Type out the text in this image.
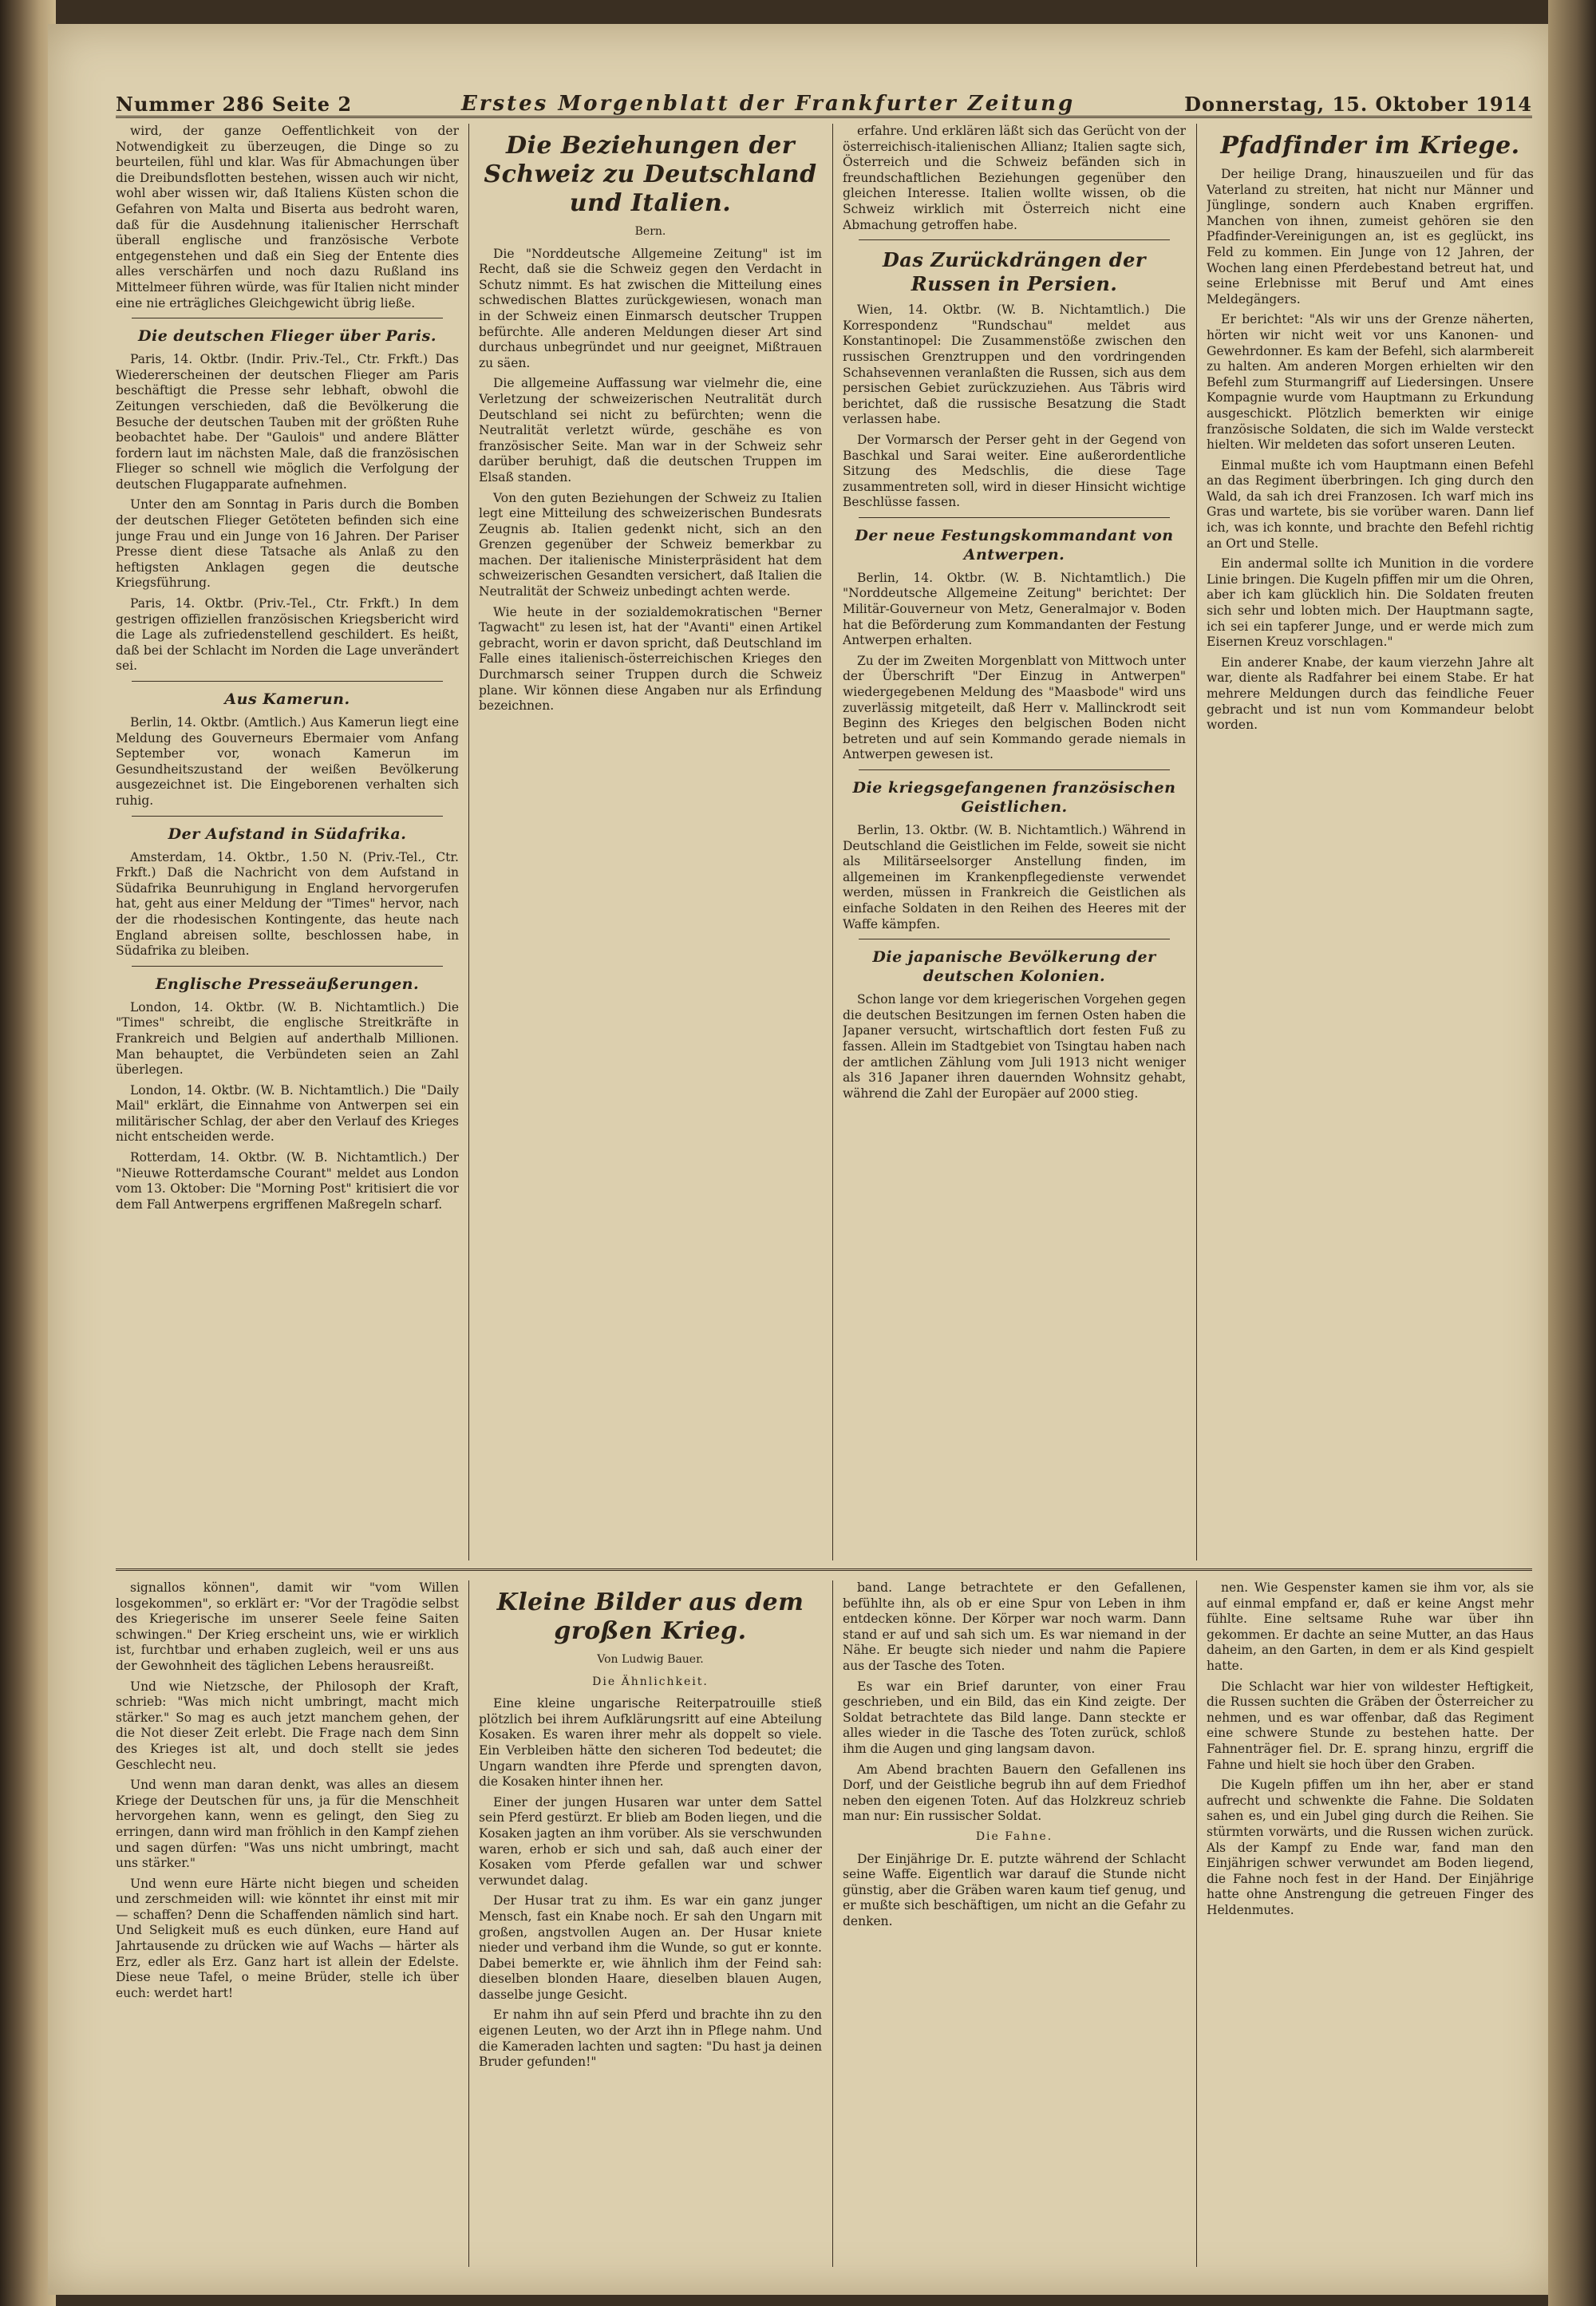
Nummer 286 Seite 2	Erstes Morgenblatt der Frankfurter Zeitung	Donnerstag, 15. Oktober 1914

wird, der ganze Oeffentlichkeit von der Notwendigkeit zu überzeugen, die Dinge so zu beurteilen, fühl und klar. Was für Abmachungen über die Dreibundsflotten bestehen, wissen auch wir nicht, wohl aber wissen wir, daß Italiens Küsten schon die Gefahren von Malta und Biserta aus bedroht waren, daß für die Ausdehnung italienischer Herrschaft überall englische und französische Verbote entgegenstehen und daß ein Sieg der Entente dies alles verschärfen und noch dazu Rußland ins Mittelmeer führen würde, was für Italien nicht minder eine nie erträgliches Gleichgewicht übrig ließe.

Die deutschen Flieger über Paris.

Paris, 14. Oktbr. (Indir. Priv.-Tel., Ctr. Frkft.) Das Wiedererscheinen der deutschen Flieger am Paris beschäftigt die Presse sehr lebhaft, obwohl die Zeitungen verschieden, daß die Bevölkerung die Besuche der deutschen Tauben mit der größten Ruhe beobachtet habe. Der "Gaulois" und andere Blätter fordern laut im nächsten Male, daß die französischen Flieger so schnell wie möglich die Verfolgung der deutschen Flugapparate aufnehmen.

Unter den am Sonntag in Paris durch die Bomben der deutschen Flieger Getöteten befinden sich eine junge Frau und ein Junge von 16 Jahren. Der Pariser Presse dient diese Tatsache als Anlaß zu den heftigsten Anklagen gegen die deutsche Kriegsführung.

Paris, 14. Oktbr. (Priv.-Tel., Ctr. Frkft.) In dem gestrigen offiziellen französischen Kriegsbericht wird die Lage als zufriedenstellend geschildert. Es heißt, daß bei der Schlacht im Norden die Lage unverändert sei.

Aus Kamerun.

Berlin, 14. Oktbr. (Amtlich.) Aus Kamerun liegt eine Meldung des Gouverneurs Ebermaier vom Anfang September vor, wonach Kamerun im Gesundheitszustand der weißen Bevölkerung ausgezeichnet ist. Die Eingeborenen verhalten sich ruhig.

Der Aufstand in Südafrika.

Amsterdam, 14. Oktbr., 1.50 N. (Priv.-Tel., Ctr. Frkft.) Daß die Nachricht von dem Aufstand in Südafrika Beunruhigung in England hervorgerufen hat, geht aus einer Meldung der "Times" hervor, nach der die rhodesischen Kontingente, das heute nach England abreisen sollte, beschlossen habe, in Südafrika zu bleiben.

Englische Presseäußerungen.

London, 14. Oktbr. (W. B. Nichtamtlich.) Die "Times" schreibt, die englische Streitkräfte in Frankreich und Belgien auf anderthalb Millionen. Man behauptet, die Verbündeten seien an Zahl überlegen.

London, 14. Oktbr. (W. B. Nichtamtlich.) Die "Daily Mail" erklärt, die Einnahme von Antwerpen sei ein militärischer Schlag, der aber den Verlauf des Krieges nicht entscheiden werde.

Rotterdam, 14. Oktbr. (W. B. Nichtamtlich.) Der "Nieuwe Rotterdamsche Courant" meldet aus London vom 13. Oktober: Die "Morning Post" kritisiert die vor dem Fall Antwerpens ergriffenen Maßregeln scharf.

Die Beziehungen der Schweiz zu Deutschland und Italien.
Bern.

Die "Norddeutsche Allgemeine Zeitung" ist im Recht, daß sie die Schweiz gegen den Verdacht in Schutz nimmt. Es hat zwischen die Mitteilung eines schwedischen Blattes zurückgewiesen, wonach man in der Schweiz einen Einmarsch deutscher Truppen befürchte. Alle anderen Meldungen dieser Art sind durchaus unbegründet und nur geeignet, Mißtrauen zu säen.

Die allgemeine Auffassung war vielmehr die, eine Verletzung der schweizerischen Neutralität durch Deutschland sei nicht zu befürchten; wenn die Neutralität verletzt würde, geschähe es von französischer Seite. Man war in der Schweiz sehr darüber beruhigt, daß die deutschen Truppen im Elsaß standen.

Von den guten Beziehungen der Schweiz zu Italien legt eine Mitteilung des schweizerischen Bundesrats Zeugnis ab. Italien gedenkt nicht, sich an den Grenzen gegenüber der Schweiz bemerkbar zu machen. Der italienische Ministerpräsident hat dem schweizerischen Gesandten versichert, daß Italien die Neutralität der Schweiz unbedingt achten werde.

Wie heute in der sozialdemokratischen "Berner Tagwacht" zu lesen ist, hat der "Avanti" einen Artikel gebracht, worin er davon spricht, daß Deutschland im Falle eines italienisch-österreichischen Krieges den Durchmarsch seiner Truppen durch die Schweiz plane. Wir können diese Angaben nur als Erfindung bezeichnen.

erfahre. Und erklären läßt sich das Gerücht von der österreichisch-italienischen Allianz; Italien sagte sich, Österreich und die Schweiz befänden sich in freundschaftlichen Beziehungen gegenüber den gleichen Interesse. Italien wollte wissen, ob die Schweiz wirklich mit Österreich nicht eine Abmachung getroffen habe.

Das Zurückdrängen der Russen in Persien.

Wien, 14. Oktbr. (W. B. Nichtamtlich.) Die Korrespondenz "Rundschau" meldet aus Konstantinopel: Die Zusammenstöße zwischen den russischen Grenztruppen und den vordringenden Schahsevennen veranlaßten die Russen, sich aus dem persischen Gebiet zurückzuziehen. Aus Täbris wird berichtet, daß die russische Besatzung die Stadt verlassen habe.

Der Vormarsch der Perser geht in der Gegend von Baschkal und Sarai weiter. Eine außerordentliche Sitzung des Medschlis, die diese Tage zusammentreten soll, wird in dieser Hinsicht wichtige Beschlüsse fassen.

Der neue Festungskommandant von Antwerpen.

Berlin, 14. Oktbr. (W. B. Nichtamtlich.) Die "Norddeutsche Allgemeine Zeitung" berichtet: Der Militär-Gouverneur von Metz, Generalmajor v. Boden hat die Beförderung zum Kommandanten der Festung Antwerpen erhalten.

Zu der im Zweiten Morgenblatt von Mittwoch unter der Überschrift "Der Einzug in Antwerpen" wiedergegebenen Meldung des "Maasbode" wird uns zuverlässig mitgeteilt, daß Herr v. Mallinckrodt seit Beginn des Krieges den belgischen Boden nicht betreten und auf sein Kommando gerade niemals in Antwerpen gewesen ist.

Die kriegsgefangenen französischen Geistlichen.

Berlin, 13. Oktbr. (W. B. Nichtamtlich.) Während in Deutschland die Geistlichen im Felde, soweit sie nicht als Militärseelsorger Anstellung finden, im allgemeinen im Krankenpflegedienste verwendet werden, müssen in Frankreich die Geistlichen als einfache Soldaten in den Reihen des Heeres mit der Waffe kämpfen.

Die japanische Bevölkerung der deutschen Kolonien.

Schon lange vor dem kriegerischen Vorgehen gegen die deutschen Besitzungen im fernen Osten haben die Japaner versucht, wirtschaftlich dort festen Fuß zu fassen. Allein im Stadtgebiet von Tsingtau haben nach der amtlichen Zählung vom Juli 1913 nicht weniger als 316 Japaner ihren dauernden Wohnsitz gehabt, während die Zahl der Europäer auf 2000 stieg.

Pfadfinder im Kriege.

Der heilige Drang, hinauszueilen und für das Vaterland zu streiten, hat nicht nur Männer und Jünglinge, sondern auch Knaben ergriffen. Manchen von ihnen, zumeist gehören sie den Pfadfinder-Vereinigungen an, ist es geglückt, ins Feld zu kommen. Ein Junge von 12 Jahren, der Wochen lang einen Pferdebestand betreut hat, und seine Erlebnisse mit Beruf und Amt eines Meldegängers.

Er berichtet: "Als wir uns der Grenze näherten, hörten wir nicht weit vor uns Kanonen- und Gewehrdonner. Es kam der Befehl, sich alarmbereit zu halten. Am anderen Morgen erhielten wir den Befehl zum Sturmangriff auf Liedersingen. Unsere Kompagnie wurde vom Hauptmann zu Erkundung ausgeschickt. Plötzlich bemerkten wir einige französische Soldaten, die sich im Walde versteckt hielten. Wir meldeten das sofort unseren Leuten.

Einmal mußte ich vom Hauptmann einen Befehl an das Regiment überbringen. Ich ging durch den Wald, da sah ich drei Franzosen. Ich warf mich ins Gras und wartete, bis sie vorüber waren. Dann lief ich, was ich konnte, und brachte den Befehl richtig an Ort und Stelle.

Ein andermal sollte ich Munition in die vordere Linie bringen. Die Kugeln pfiffen mir um die Ohren, aber ich kam glücklich hin. Die Soldaten freuten sich sehr und lobten mich. Der Hauptmann sagte, ich sei ein tapferer Junge, und er werde mich zum Eisernen Kreuz vorschlagen."

Ein anderer Knabe, der kaum vierzehn Jahre alt war, diente als Radfahrer bei einem Stabe. Er hat mehrere Meldungen durch das feindliche Feuer gebracht und ist nun vom Kommandeur belobt worden.

signallos können", damit wir "vom Willen losgekommen", so erklärt er: "Vor der Tragödie selbst des Kriegerische im unserer Seele feine Saiten schwingen." Der Krieg erscheint uns, wie er wirklich ist, furchtbar und erhaben zugleich, weil er uns aus der Gewohnheit des täglichen Lebens herausreißt.

Und wie Nietzsche, der Philosoph der Kraft, schrieb: "Was mich nicht umbringt, macht mich stärker." So mag es auch jetzt manchem gehen, der die Not dieser Zeit erlebt. Die Frage nach dem Sinn des Krieges ist alt, und doch stellt sie jedes Geschlecht neu.

Und wenn man daran denkt, was alles an diesem Kriege der Deutschen für uns, ja für die Menschheit hervorgehen kann, wenn es gelingt, den Sieg zu erringen, dann wird man fröhlich in den Kampf ziehen und sagen dürfen: "Was uns nicht umbringt, macht uns stärker."

Und wenn eure Härte nicht biegen und scheiden und zerschmeiden will: wie könntet ihr einst mit mir — schaffen? Denn die Schaffenden nämlich sind hart. Und Seligkeit muß es euch dünken, eure Hand auf Jahrtausende zu drücken wie auf Wachs — härter als Erz, edler als Erz. Ganz hart ist allein der Edelste. Diese neue Tafel, o meine Brüder, stelle ich über euch: werdet hart!

Kleine Bilder aus dem großen Krieg.
Von Ludwig Bauer.
Die Ähnlichkeit.

Eine kleine ungarische Reiterpatrouille stieß plötzlich bei ihrem Aufklärungsritt auf eine Abteilung Kosaken. Es waren ihrer mehr als doppelt so viele. Ein Verbleiben hätte den sicheren Tod bedeutet; die Ungarn wandten ihre Pferde und sprengten davon, die Kosaken hinter ihnen her.

Einer der jungen Husaren war unter dem Sattel sein Pferd gestürzt. Er blieb am Boden liegen, und die Kosaken jagten an ihm vorüber. Als sie verschwunden waren, erhob er sich und sah, daß auch einer der Kosaken vom Pferde gefallen war und schwer verwundet dalag.

Der Husar trat zu ihm. Es war ein ganz junger Mensch, fast ein Knabe noch. Er sah den Ungarn mit großen, angstvollen Augen an. Der Husar kniete nieder und verband ihm die Wunde, so gut er konnte. Dabei bemerkte er, wie ähnlich ihm der Feind sah: dieselben blonden Haare, dieselben blauen Augen, dasselbe junge Gesicht.

Er nahm ihn auf sein Pferd und brachte ihn zu den eigenen Leuten, wo der Arzt ihn in Pflege nahm. Und die Kameraden lachten und sagten: "Du hast ja deinen Bruder gefunden!"

band. Lange betrachtete er den Gefallenen, befühlte ihn, als ob er eine Spur von Leben in ihm entdecken könne. Der Körper war noch warm. Dann stand er auf und sah sich um. Es war niemand in der Nähe. Er beugte sich nieder und nahm die Papiere aus der Tasche des Toten.

Es war ein Brief darunter, von einer Frau geschrieben, und ein Bild, das ein Kind zeigte. Der Soldat betrachtete das Bild lange. Dann steckte er alles wieder in die Tasche des Toten zurück, schloß ihm die Augen und ging langsam davon.

Am Abend brachten Bauern den Gefallenen ins Dorf, und der Geistliche begrub ihn auf dem Friedhof neben den eigenen Toten. Auf das Holzkreuz schrieb man nur: Ein russischer Soldat.

Die Fahne.

Der Einjährige Dr. E. putzte während der Schlacht seine Waffe. Eigentlich war darauf die Stunde nicht günstig, aber die Gräben waren kaum tief genug, und er mußte sich beschäftigen, um nicht an die Gefahr zu denken.

nen. Wie Gespenster kamen sie ihm vor, als sie auf einmal empfand er, daß er keine Angst mehr fühlte. Eine seltsame Ruhe war über ihn gekommen. Er dachte an seine Mutter, an das Haus daheim, an den Garten, in dem er als Kind gespielt hatte.

Die Schlacht war hier von wildester Heftigkeit, die Russen suchten die Gräben der Österreicher zu nehmen, und es war offenbar, daß das Regiment eine schwere Stunde zu bestehen hatte. Der Fahnenträger fiel. Dr. E. sprang hinzu, ergriff die Fahne und hielt sie hoch über den Graben.

Die Kugeln pfiffen um ihn her, aber er stand aufrecht und schwenkte die Fahne. Die Soldaten sahen es, und ein Jubel ging durch die Reihen. Sie stürmten vorwärts, und die Russen wichen zurück. Als der Kampf zu Ende war, fand man den Einjährigen schwer verwundet am Boden liegend, die Fahne noch fest in der Hand. Der Einjährige hatte ohne Anstrengung die getreuen Finger des Heldenmutes.
